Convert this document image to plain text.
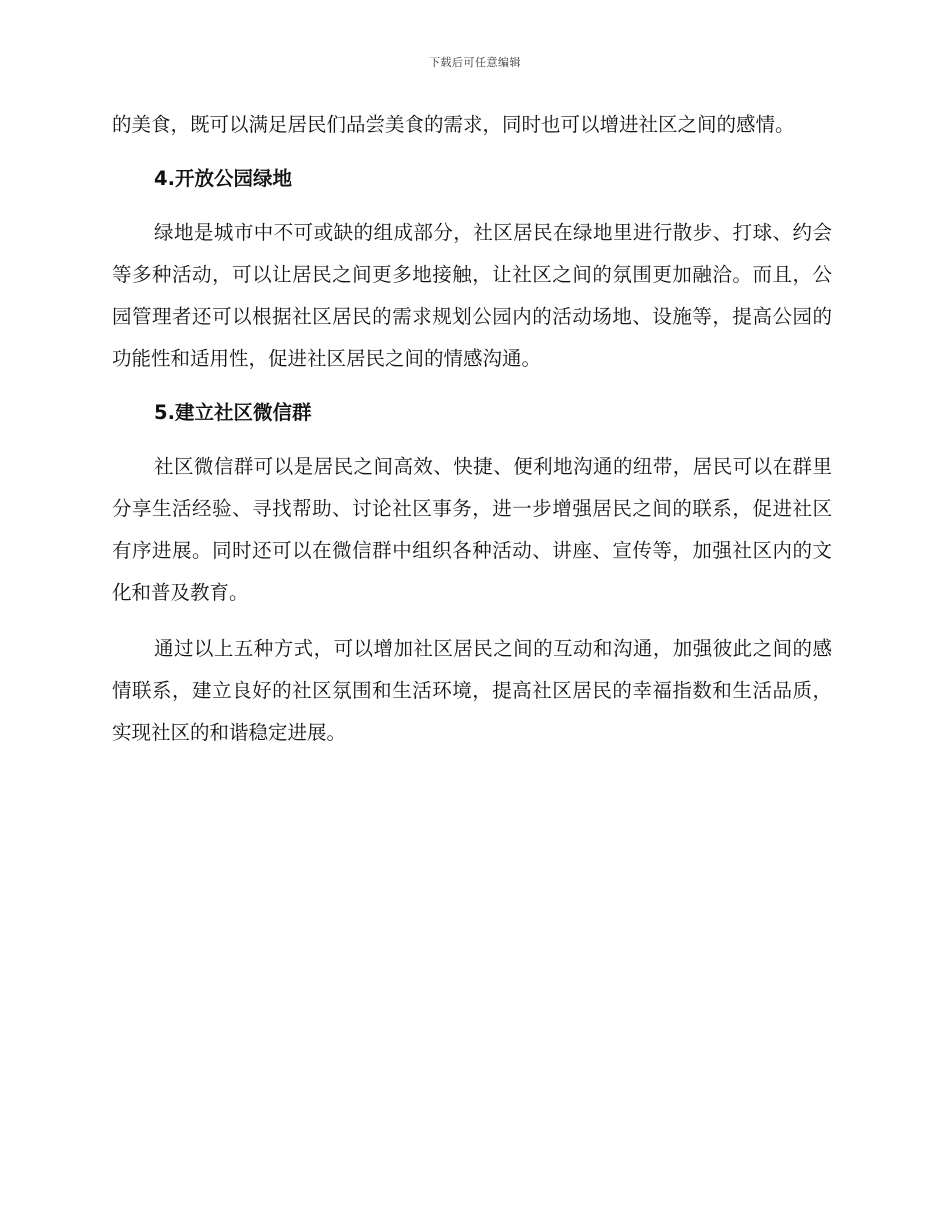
下载后可任意编辑

的美食，既可以满足居民们品尝美食的需求，同时也可以增进社区之间的感情。

4.开放公园绿地

绿地是城市中不可或缺的组成部分，社区居民在绿地里进行散步、打球、约会等多种活动，可以让居民之间更多地接触，让社区之间的氛围更加融洽。而且，公园管理者还可以根据社区居民的需求规划公园内的活动场地、设施等，提高公园的功能性和适用性，促进社区居民之间的情感沟通。

5.建立社区微信群

社区微信群可以是居民之间高效、快捷、便利地沟通的纽带，居民可以在群里分享生活经验、寻找帮助、讨论社区事务，进一步增强居民之间的联系，促进社区有序进展。同时还可以在微信群中组织各种活动、讲座、宣传等，加强社区内的文化和普及教育。

通过以上五种方式，可以增加社区居民之间的互动和沟通，加强彼此之间的感情联系，建立良好的社区氛围和生活环境，提高社区居民的幸福指数和生活品质，实现社区的和谐稳定进展。
